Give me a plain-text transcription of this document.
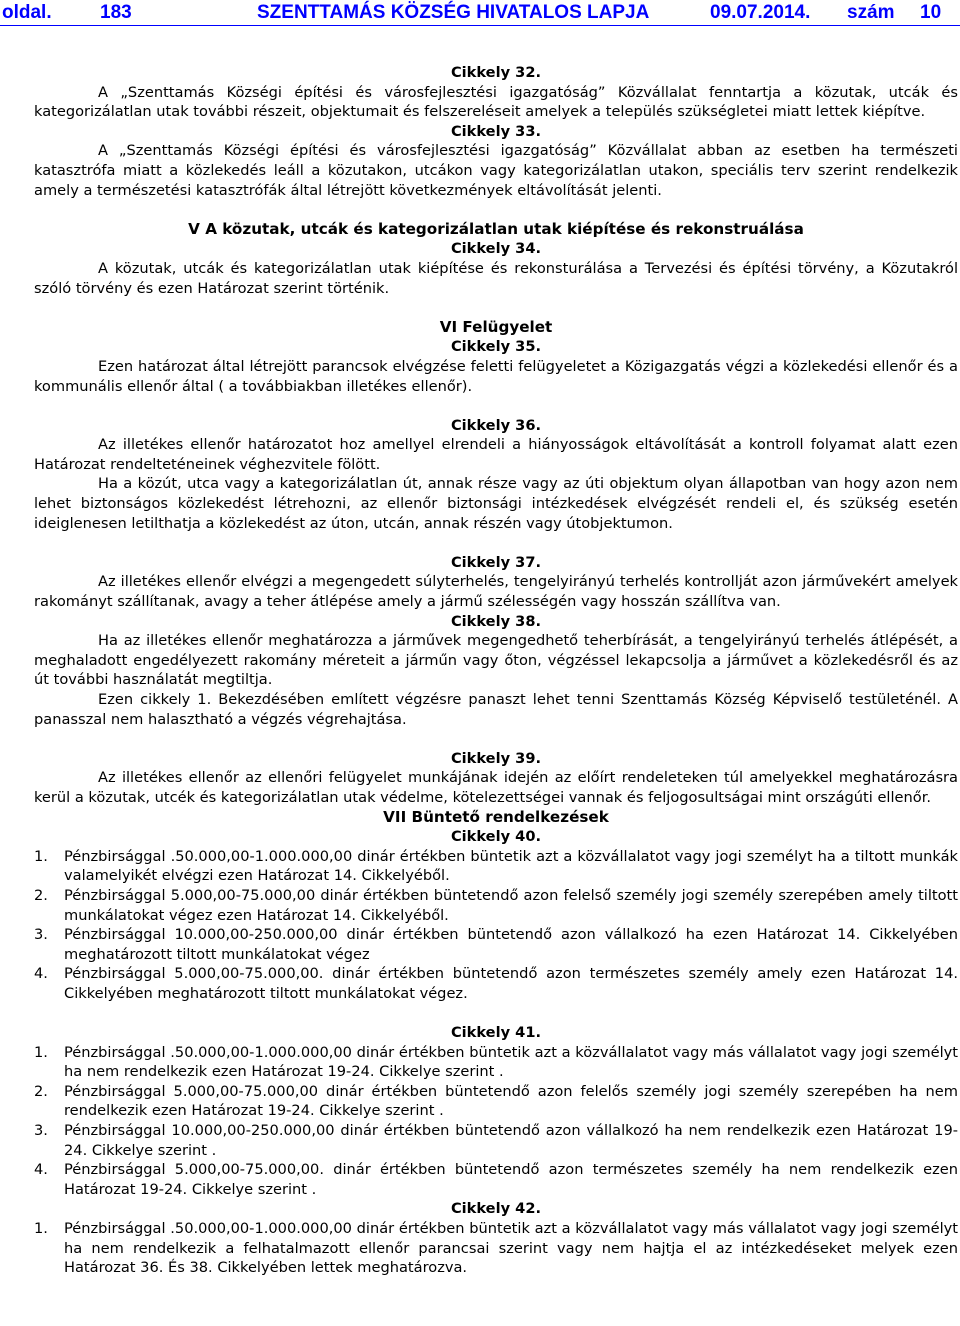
oldal.	183	SZENTTAMÁS KÖZSÉG HIVATALOS LAPJA	09.07.2014. szám 10
Cikkely 32.
A „Szenttamás Községi építési és városfejlesztési igazgatóság” Közvállalat fenntartja a közutak, utcák és kategorizálatlan utak további részeit, objektumait és felszereléseit amelyek a település szükségletei miatt lettek kiépítve.
Cikkely 33.
A „Szenttamás Községi építési és városfejlesztési igazgatóság” Közvállalat abban az esetben ha természeti katasztrófa miatt a közlekedés leáll a közutakon, utcákon vagy kategorizálatlan utakon, speciális terv szerint rendelkezik amely a természetési katasztrófák által létrejött következmények eltávolítását jelenti.
V A közutak, utcák és kategorizálatlan utak kiépítése és rekonstruálása
Cikkely 34.
A közutak, utcák és kategorizálatlan utak kiépítése és rekonsturálása a Tervezési és építési törvény, a Közutakról szóló törvény és ezen Határozat szerint történik.
VI Felügyelet
Cikkely 35.
Ezen határozat által létrejött parancsok elvégzése feletti felügyeletet a Közigazgatás végzi a közlekedési ellenőr és a kommunális ellenőr által ( a továbbiakban illetékes ellenőr).
Cikkely 36.
Az illetékes ellenőr határozatot hoz amellyel elrendeli a hiányosságok eltávolítását a kontroll folyamat alatt ezen Határozat rendelteténeinek véghezvitele fölött.
Ha a közút, utca vagy a kategorizálatlan út, annak része vagy az úti objektum olyan állapotban van hogy azon nem lehet biztonságos közlekedést létrehozni, az ellenőr biztonsági intézkedések elvégzését rendeli el, és szükség esetén ideiglenesen letilthatja a közlekedést az úton, utcán, annak részén vagy útobjektumon.
Cikkely 37.
Az illetékes ellenőr elvégzi a megengedett súlyterhelés, tengelyirányú terhelés kontrollját azon járművekért amelyek rakományt szállítanak, avagy a teher átlépése amely a jármű szélességén vagy hosszán szállítva van.
Cikkely 38.
Ha az illetékes ellenőr meghatározza a járművek megengedhető teherbírását, a tengelyirányú terhelés átlépését, a meghaladott engedélyezett rakomány méreteit a járműn vagy őton, végzéssel lekapcsolja a járművet a közlekedésről és az út további használatát megtiltja.
Ezen cikkely 1. Bekezdésében említett végzésre panaszt lehet tenni Szenttamás Község Képviselő testületénél. A panasszal nem halasztható a végzés végrehajtása.
Cikkely 39.
Az illetékes ellenőr az ellenőri felügyelet munkájának idején az előírt rendeleteken túl amelyekkel meghatározásra kerül a közutak, utcék és kategorizálatlan utak védelme, kötelezettségei vannak és feljogosultságai mint országúti ellenőr.
VII Büntető rendelkezések
Cikkely 40.
1.	Pénzbirsággal .50.000,00-1.000.000,00 dinár értékben büntetik azt a közvállalatot vagy jogi személyt ha a tiltott munkák valamelyikét elvégzi ezen Határozat 14. Cikkelyéből.
2.	Pénzbirsággal 5.000,00-75.000,00 dinár értékben büntetendő azon felelső személy jogi személy szerepében amely tiltott munkálatokat végez ezen Határozat 14. Cikkelyéből.
3.	Pénzbirsággal 10.000,00-250.000,00 dinár értékben büntetendő azon vállalkozó ha ezen Határozat 14. Cikkelyében meghatározott tiltott munkálatokat végez
4.	Pénzbirsággal 5.000,00-75.000,00. dinár értékben büntetendő azon természetes személy amely ezen Határozat 14. Cikkelyében meghatározott tiltott munkálatokat végez.
Cikkely 41.
1.	Pénzbirsággal .50.000,00-1.000.000,00 dinár értékben büntetik azt a közvállalatot vagy más vállalatot vagy jogi személyt ha nem rendelkezik ezen Határozat 19-24. Cikkelye szerint .
2.	Pénzbirsággal 5.000,00-75.000,00 dinár értékben büntetendő azon felelős személy jogi személy szerepében ha nem rendelkezik ezen Határozat 19-24. Cikkelye szerint .
3.	Pénzbirsággal 10.000,00-250.000,00 dinár értékben büntetendő azon vállalkozó ha nem rendelkezik ezen Határozat 19-24. Cikkelye szerint .
4.	Pénzbirsággal 5.000,00-75.000,00. dinár értékben büntetendő azon természetes személy ha nem rendelkezik ezen Határozat 19-24. Cikkelye szerint .
Cikkely 42.
1.	Pénzbirsággal .50.000,00-1.000.000,00 dinár értékben büntetik azt a közvállalatot vagy más vállalatot vagy jogi személyt ha nem rendelkezik a felhatalmazott ellenőr parancsai szerint vagy nem hajtja el az intézkedéseket melyek ezen Határozat 36. És 38. Cikkelyében lettek meghatározva.
